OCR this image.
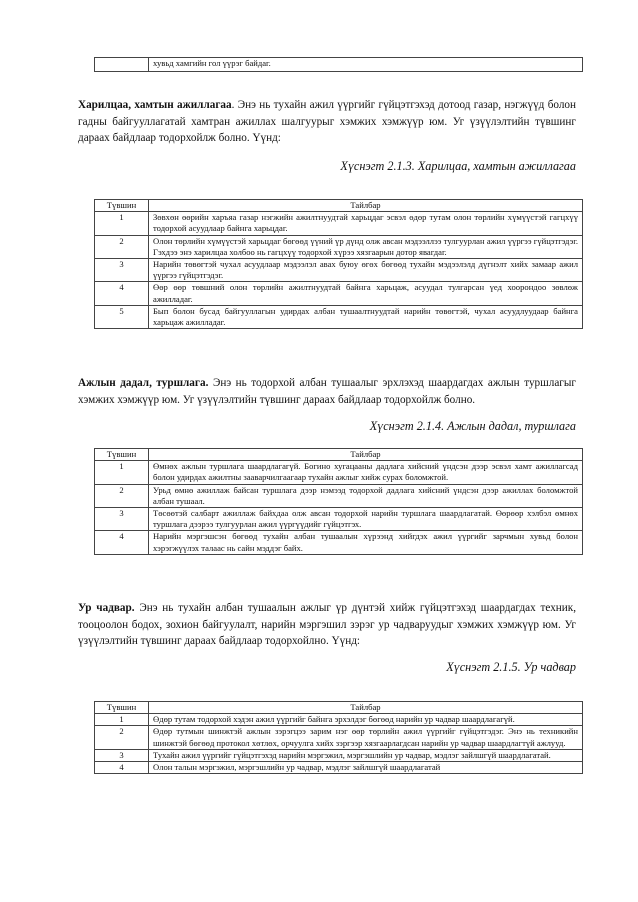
	хувьд хамгийн гол үүрэг байдаг.

Харилцаа, хамтын ажиллагаа. Энэ нь тухайн ажил үүргийг гүйцэтгэхэд дотоод газар, нэгжүүд болон гадны байгууллагатай хамтран ажиллах шалгуурыг хэмжих хэмжүүр юм. Уг үзүүлэлтийн түвшинг дараах байдлаар тодорхойлж болно. Үүнд:

Хүснэгт 2.1.3. Харилцаа, хамтын ажиллагаа

Түвшин	Тайлбар
1	Зөвхөн өөрийн харъяа газар нэгжийн ажилтнуудтай харьцдаг эсвэл өдөр тутам олон төрлийн хүмүүстэй гагцхүү тодорхой асуудлаар байнга харьцдаг.
2	Олон төрлийн хүмүүстэй харьцдаг бөгөөд үүний үр дүнд олж авсан мэдээллээ тулгуурлан ажил үүргээ гүйцэтгэдэг. Гэхдээ энэ харилцаа холбоо нь гагцхүү тодорхой хүрээ хязгаарын дотор явагдаг.
3	Нарийн төвөгтэй чухал асуудлаар мэдээлэл авах буюу өгөх бөгөөд тухайн мэдээлэлд дүгнэлт хийх замаар ажил үүргээ гүйцэтгэдэг.
4	Өөр өөр төвшний олон төрлийн ажилтнуудтай байнга харьцаж, асуудал тулгарсан үед хоорондоо зөвлөж ажилладаг.
5	Бып болон бусад байгууллагын удирдах албан тушаалтнуудтай нарийн төвөгтэй, чухал асуудлуудаар байнга харьцаж ажилладаг.

Ажлын дадал, туршлага. Энэ нь тодорхой албан тушаалыг эрхлэхэд шаардагдах ажлын туршлагыг хэмжих хэмжүүр юм. Уг үзүүлэлтийн түвшинг дараах байдлаар тодорхойлж болно.

Хүснэгт 2.1.4. Ажлын дадал, туршлага

Түвшин	Тайлбар
1	Өмнөх ажлын туршлага шаардлагагүй. Богино хугацааны дадлага хийсний үндсэн дээр эсвэл хамт ажиллагсад болон удирдах ажилтны зааварчилгаагаар тухайн ажлыг хийж сурах боломжтой.
2	Урьд өмнө ажиллаж байсан туршлага дээр нэмээд тодорхой дадлага хийсний үндсэн дээр ажиллах боломжтой албан тушаал.
3	Төсөөтэй салбарт ажиллаж байхдаа олж авсан тодорхой нарийн туршлага шаардлагатай. Өөрөөр хэлбэл өмнөх туршлага дээрээ тулгуурлан ажил үүргүүдийг гүйцэтгэх.
4	Нарийн мэргэшсэн бөгөөд тухайн албан тушаалын хүрээнд хийгдэх ажил үүргийг зарчмын хувьд болон хэрэгжүүлэх талаас нь сайн мэддэг байх.

Ур чадвар. Энэ нь тухайн албан тушаалын ажлыг үр дүнтэй хийж гүйцэтгэхэд шаардагдах техник, тооцоолон бодох, зохион байгуулалт, нарийн мэргэшил зэрэг ур чадваруудыг хэмжих хэмжүүр юм. Уг үзүүлэлтийн түвшинг дараах байдлаар тодорхойлно. Үүнд:

Хүснэгт 2.1.5. Ур чадвар

Түвшин	Тайлбар
1	Өдөр тутам тодорхой хэдэн ажил үүргийг байнга эрхэлдэг бөгөөд нарийн ур чадвар шаардлагагүй.
2	Өдөр тутмын шинжтэй ажлын зэрэгцээ зарим нэг өөр төрлийн ажил үүргийг гүйцэтгэдэг. Энэ нь техникийн шинжтэй бөгөөд протокол хөтлөх, орчуулга хийх зэргээр хязгаарлагдсан нарийн ур чадвар шаардлагтүй ажлууд.
3	Тухайн ажил үүргийг гүйцэтгэхэд нарийн мэргэжил, мэргэшлийн ур чадвар, мэдлэг зайлшгүй шаардлагатай.
4	Олон талын мэргэжил, мэргэшлийн ур чадвар, мэдлэг зайлшгүй шаардлагатай
